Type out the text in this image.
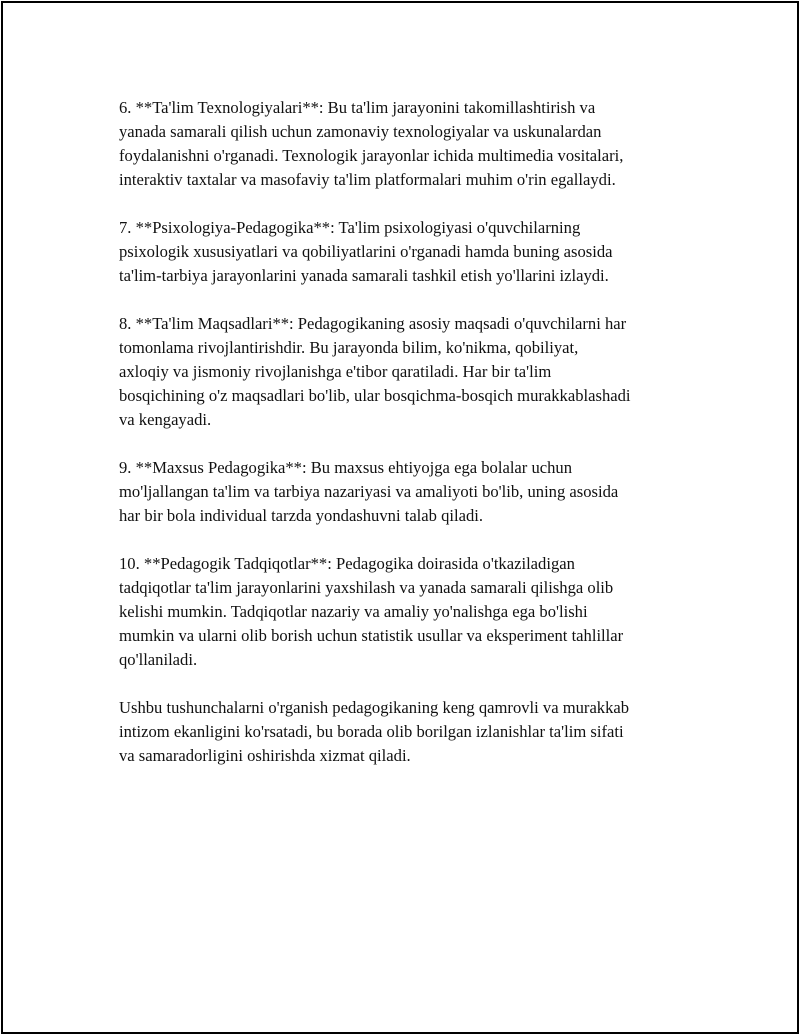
6. **Ta'lim Texnologiyalari**: Bu ta'lim jarayonini takomillashtirish va
yanada samarali qilish uchun zamonaviy texnologiyalar va uskunalardan
foydalanishni o'rganadi. Texnologik jarayonlar ichida multimedia vositalari,
interaktiv taxtalar va masofaviy ta'lim platformalari muhim o'rin egallaydi.

7. **Psixologiya-Pedagogika**: Ta'lim psixologiyasi o'quvchilarning
psixologik xususiyatlari va qobiliyatlarini o'rganadi hamda buning asosida
ta'lim-tarbiya jarayonlarini yanada samarali tashkil etish yo'llarini izlaydi.

8. **Ta'lim Maqsadlari**: Pedagogikaning asosiy maqsadi o'quvchilarni har
tomonlama rivojlantirishdir. Bu jarayonda bilim, ko'nikma, qobiliyat,
axloqiy va jismoniy rivojlanishga e'tibor qaratiladi. Har bir ta'lim
bosqichining o'z maqsadlari bo'lib, ular bosqichma-bosqich murakkablashadi
va kengayadi.

9. **Maxsus Pedagogika**: Bu maxsus ehtiyojga ega bolalar uchun
mo'ljallangan ta'lim va tarbiya nazariyasi va amaliyoti bo'lib, uning asosida
har bir bola individual tarzda yondashuvni talab qiladi.

10. **Pedagogik Tadqiqotlar**: Pedagogika doirasida o'tkaziladigan
tadqiqotlar ta'lim jarayonlarini yaxshilash va yanada samarali qilishga olib
kelishi mumkin. Tadqiqotlar nazariy va amaliy yo'nalishga ega bo'lishi
mumkin va ularni olib borish uchun statistik usullar va eksperiment tahlillar
qo'llaniladi.

Ushbu tushunchalarni o'rganish pedagogikaning keng qamrovli va murakkab
intizom ekanligini ko'rsatadi, bu borada olib borilgan izlanishlar ta'lim sifati
va samaradorligini oshirishda xizmat qiladi.
